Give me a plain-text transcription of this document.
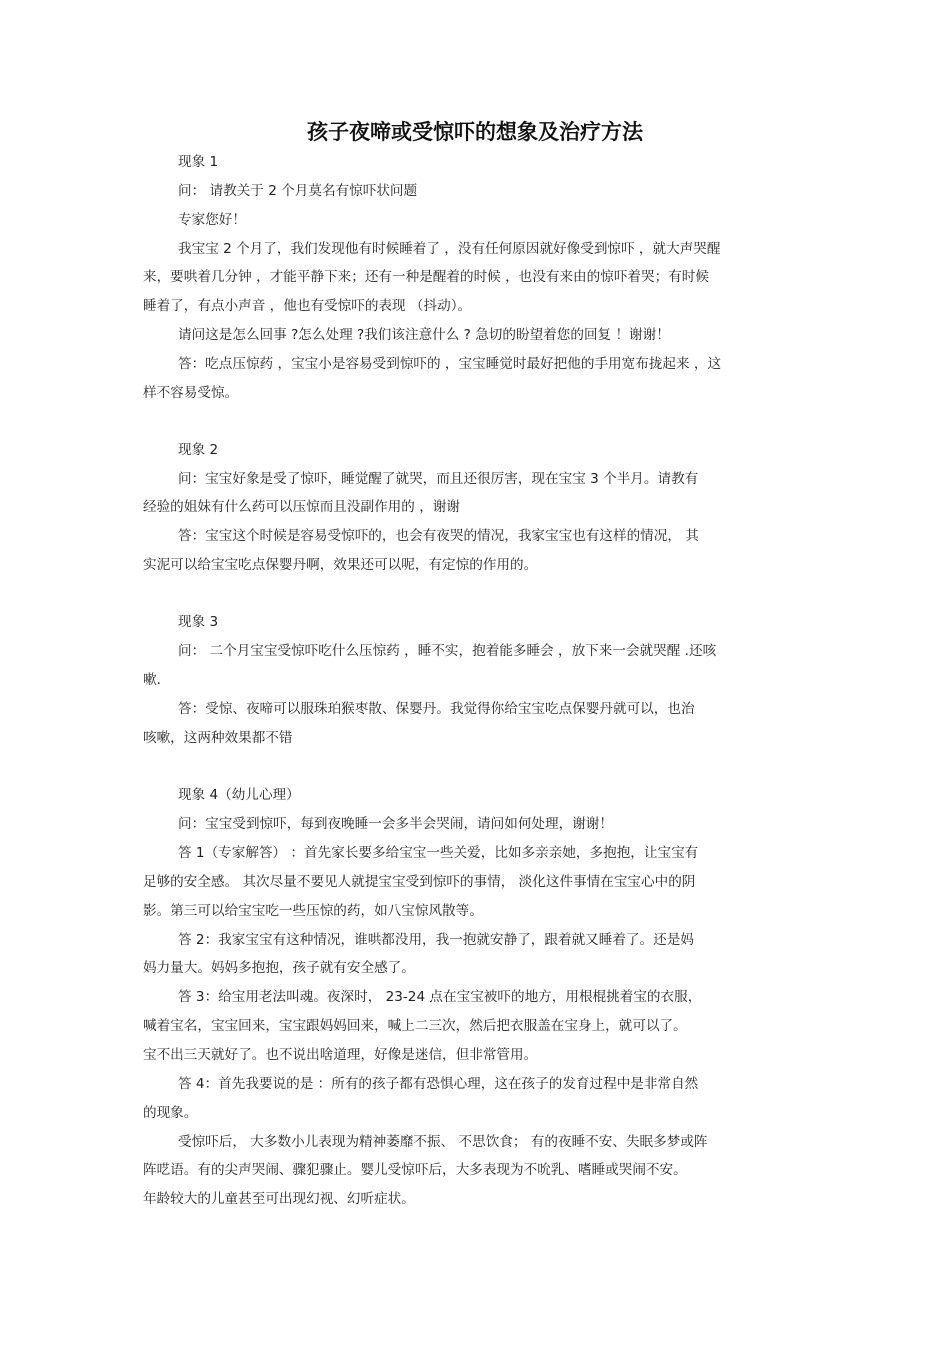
孩子夜啼或受惊吓的想象及治疗方法

现象 1

问： 请教关于 2 个月莫名有惊吓状问题

专家您好！

我宝宝 2 个月了，我们发现他有时候睡着了 ，没有任何原因就好像受到惊吓 ，就大声哭醒

来，要哄着几分钟 ，才能平静下来；还有一种是醒着的时候 ，也没有来由的惊吓着哭；有时候

睡着了，有点小声音 ，他也有受惊吓的表现 （抖动）。

请问这是怎么回事 ?怎么处理 ?我们该注意什么 ? 急切的盼望着您的回复 ！谢谢！

答：吃点压惊药 ，宝宝小是容易受到惊吓的 ，宝宝睡觉时最好把他的手用宽布拢起来 ，这

样不容易受惊。

现象 2

问：宝宝好象是受了惊吓，睡觉醒了就哭，而且还很厉害，现在宝宝 3 个半月。请教有

经验的姐妹有什么药可以压惊而且没副作用的 ，谢谢

答：宝宝这个时候是容易受惊吓的，也会有夜哭的情况，我家宝宝也有这样的情况， 其

实泥可以给宝宝吃点保婴丹啊，效果还可以呢，有定惊的作用的。

现象 3

问： 二个月宝宝受惊吓吃什么压惊药 ，睡不实，抱着能多睡会 ，放下来一会就哭醒 .还咳

嗽.

答：受惊、夜啼可以服珠珀猴枣散、保婴丹。我觉得你给宝宝吃点保婴丹就可以，也治

咳嗽，这两种效果都不错

现象 4（幼儿心理）

问：宝宝受到惊吓，每到夜晚睡一会多半会哭闹，请问如何处理，谢谢！

答 1（专家解答） ：首先家长要多给宝宝一些关爱，比如多亲亲她，多抱抱，让宝宝有

足够的安全感。 其次尽量不要见人就提宝宝受到惊吓的事情， 淡化这件事情在宝宝心中的阴

影。第三可以给宝宝吃一些压惊的药，如八宝惊风散等。

答 2：我家宝宝有这种情况，谁哄都没用，我一抱就安静了，跟着就又睡着了。还是妈

妈力量大。妈妈多抱抱，孩子就有安全感了。

答 3：给宝用老法叫魂。夜深时， 23-24 点在宝宝被吓的地方，用根棍挑着宝的衣服，

喊着宝名，宝宝回来，宝宝跟妈妈回来，喊上二三次，然后把衣服盖在宝身上，就可以了。

宝不出三天就好了。也不说出啥道理，好像是迷信，但非常管用。

答 4：首先我要说的是 ：所有的孩子都有恐惧心理，这在孩子的发育过程中是非常自然

的现象。

受惊吓后， 大多数小儿表现为精神萎靡不振、 不思饮食； 有的夜睡不安、失眠多梦或阵

阵呓语。有的尖声哭闹、骤犯骤止。婴儿受惊吓后，大多表现为不吮乳、嗜睡或哭闹不安。

年龄较大的儿童甚至可出现幻视、幻听症状。
